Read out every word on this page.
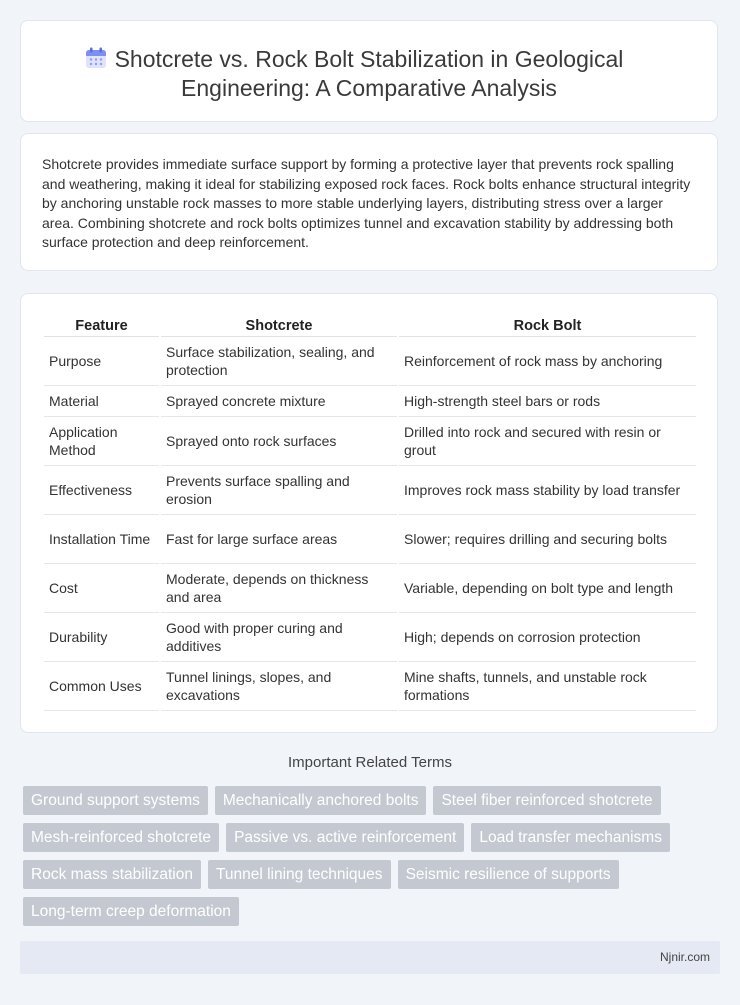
Shotcrete vs. Rock Bolt Stabilization in Geological
Engineering: A Comparative Analysis
Shotcrete provides immediate surface support by forming a protective layer that prevents rock spalling and weathering, making it ideal for stabilizing exposed rock faces. Rock bolts enhance structural integrity by anchoring unstable rock masses to more stable underlying layers, distributing stress over a larger area. Combining shotcrete and rock bolts optimizes tunnel and excavation stability by addressing both surface protection and deep reinforcement.
Feature	Shotcrete	Rock Bolt
Purpose	Surface stabilization, sealing, and protection	Reinforcement of rock mass by anchoring
Material	Sprayed concrete mixture	High-strength steel bars or rods
Application Method	Sprayed onto rock surfaces	Drilled into rock and secured with resin or grout
Effectiveness	Prevents surface spalling and erosion	Improves rock mass stability by load transfer
Installation Time	Fast for large surface areas	Slower; requires drilling and securing bolts
Cost	Moderate, depends on thickness and area	Variable, depending on bolt type and length
Durability	Good with proper curing and additives	High; depends on corrosion protection
Common Uses	Tunnel linings, slopes, and excavations	Mine shafts, tunnels, and unstable rock formations
Important Related Terms
Ground support systems	Mechanically anchored bolts	Steel fiber reinforced shotcrete
Mesh-reinforced shotcrete	Passive vs. active reinforcement	Load transfer mechanisms
Rock mass stabilization	Tunnel lining techniques	Seismic resilience of supports
Long-term creep deformation
Njnir.com
